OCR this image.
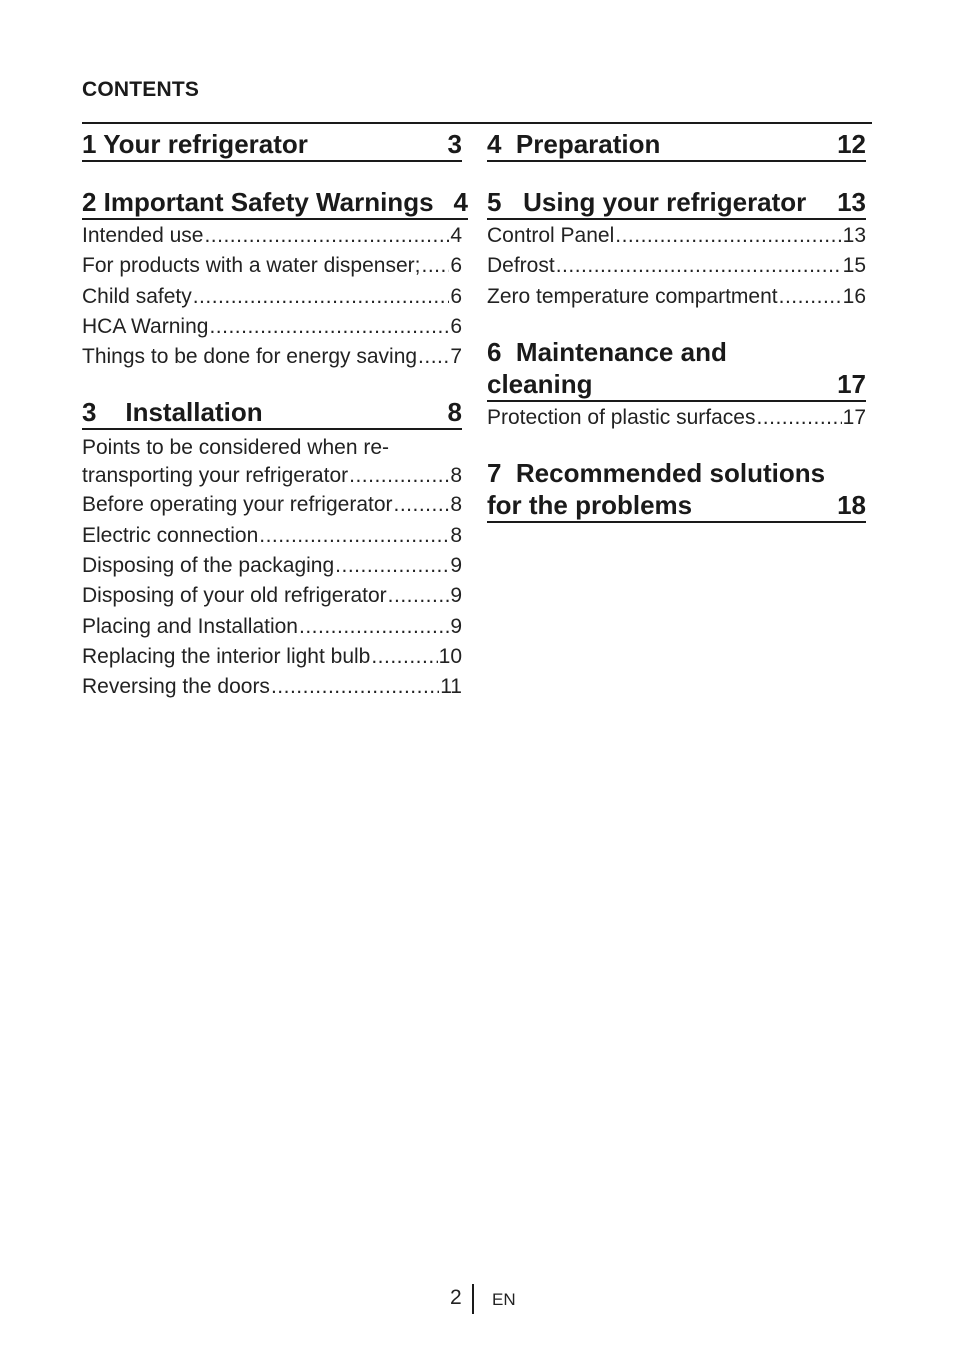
CONTENTS
1 Your refrigerator	3
2 Important Safety Warnings 4
Intended use .....	4
For products with a water dispenser; ..... 6
Child safety .....	6
HCA Warning .....	6
Things to be done for energy saving ..... 7
3    Installation	8
Points to be considered when re-
transporting your refrigerator .....	8
Before operating your refrigerator .....	8
Electric connection .....	8
Disposing of the packaging .....	9
Disposing of your old refrigerator .....	9
Placing and Installation .....	9
Replacing the interior light bulb .....	10
Reversing the doors .....	11
4  Preparation	12
5   Using your refrigerator 13
Control Panel .....	13
Defrost .....	15
Zero temperature compartment .....	16
6  Maintenance and
cleaning	17
Protection of plastic surfaces .....	17
7  Recommended solutions
for the problems	18
2 EN
